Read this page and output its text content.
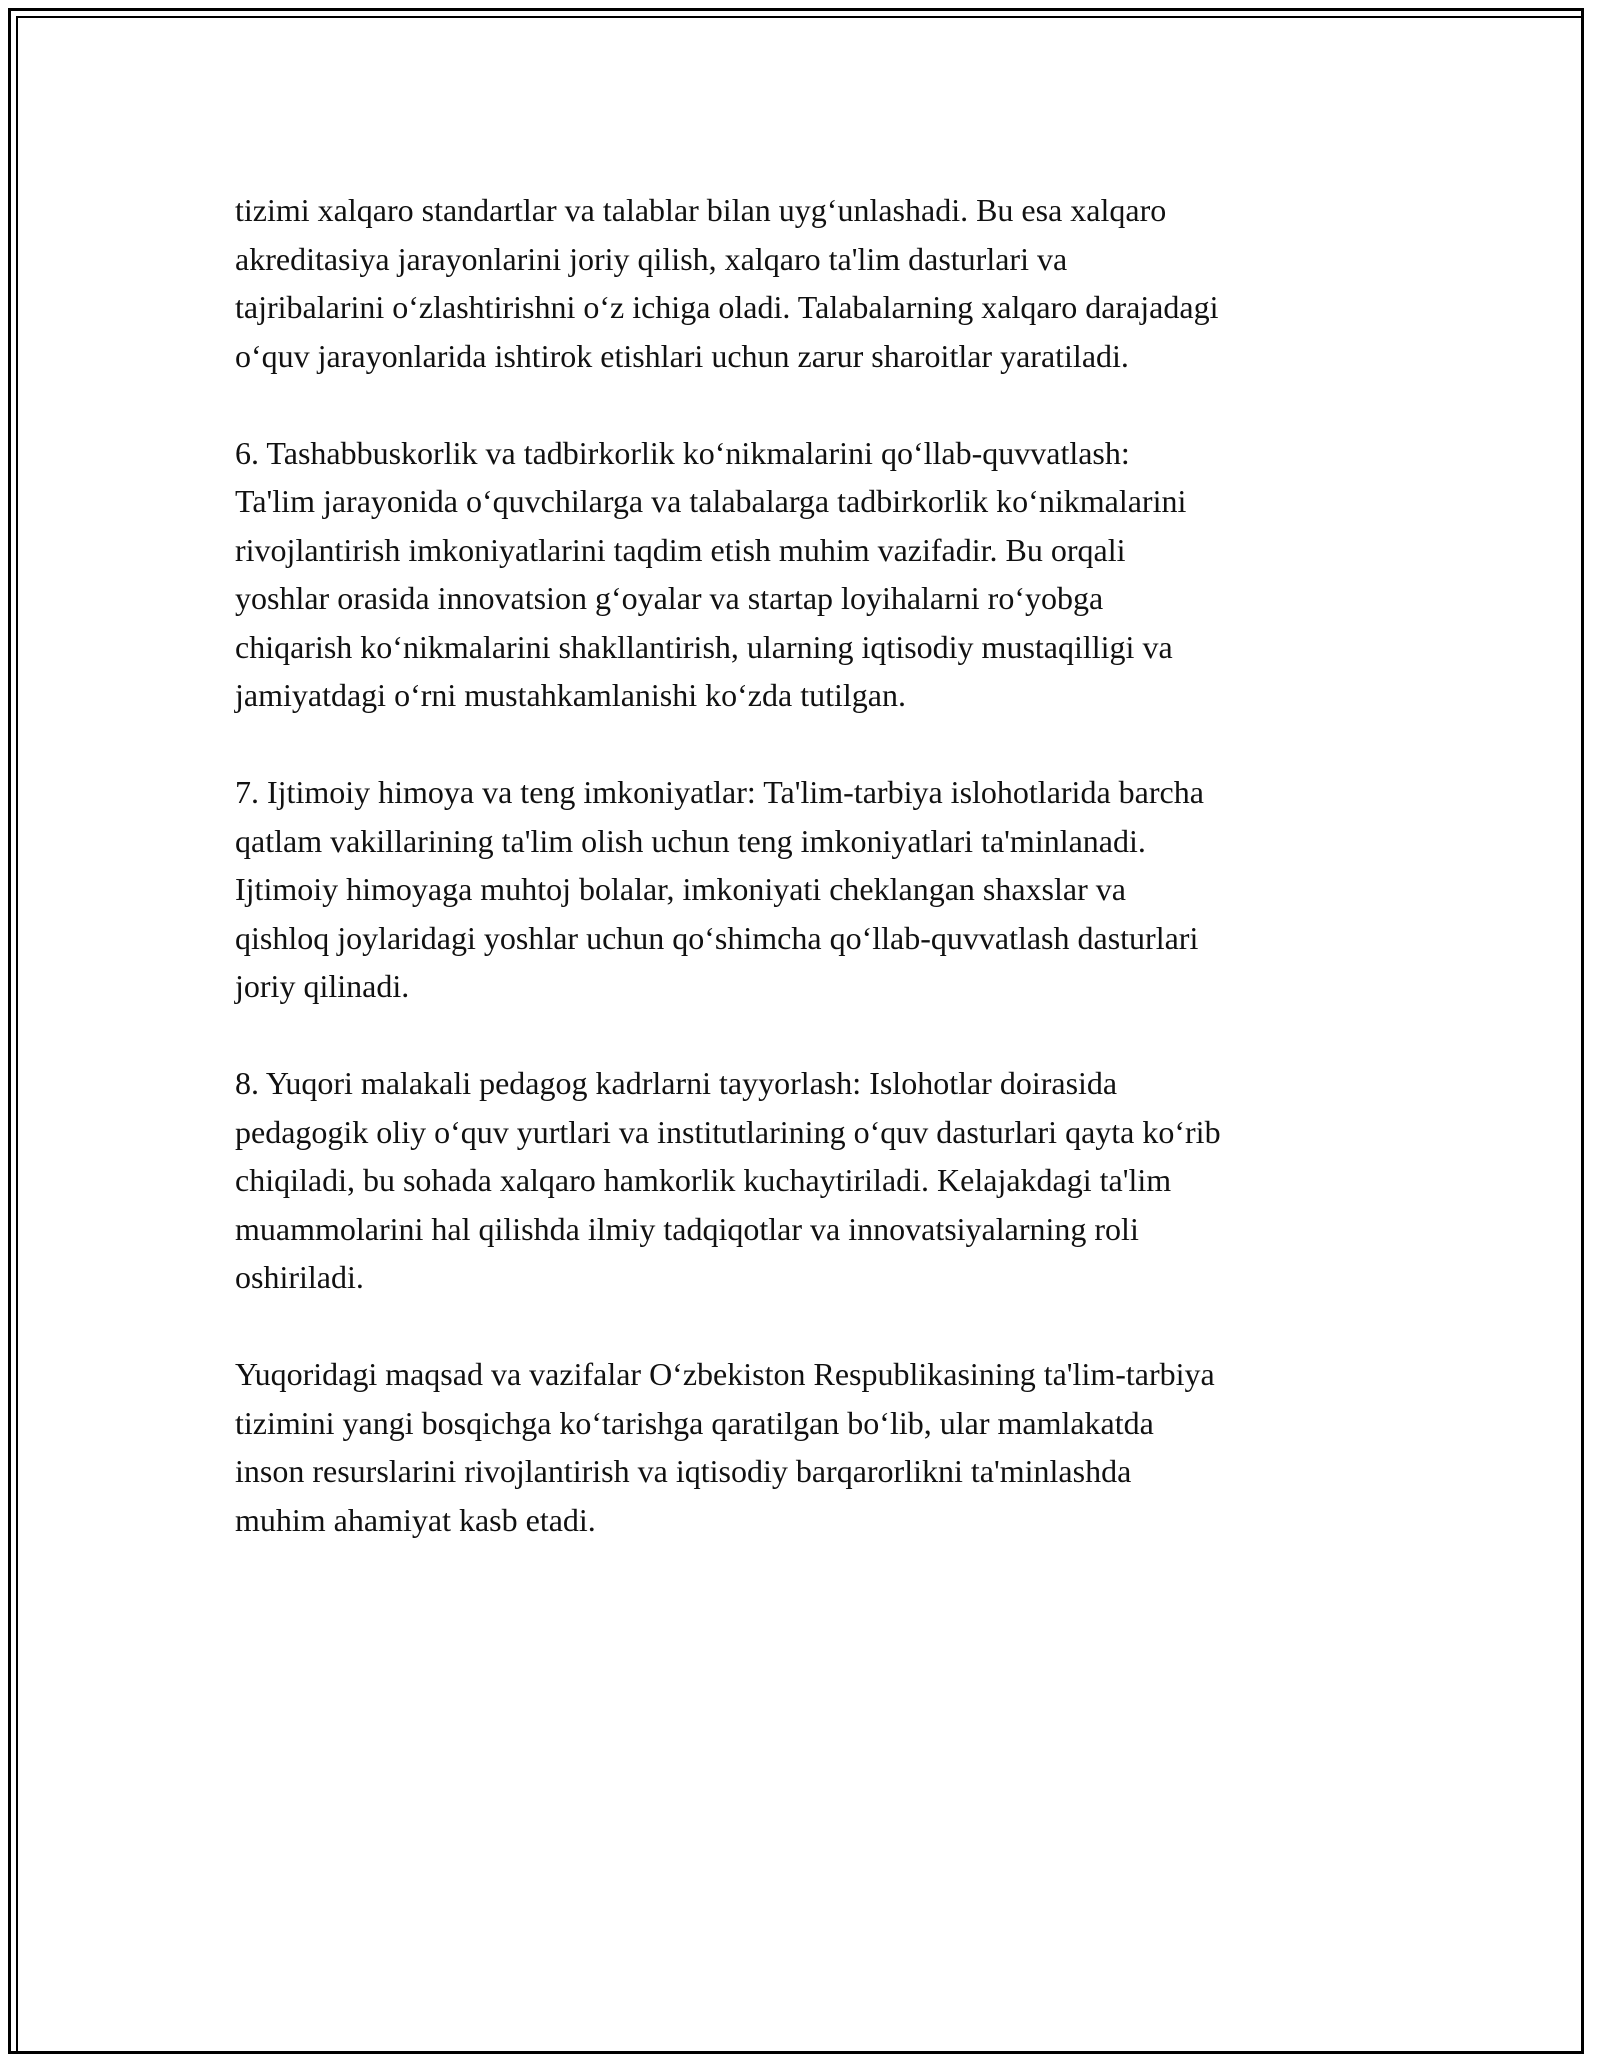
tizimi xalqaro standartlar va talablar bilan uyg‘unlashadi. Bu esa xalqaro
akreditasiya jarayonlarini joriy qilish, xalqaro ta'lim dasturlari va
tajribalarini o‘zlashtirishni o‘z ichiga oladi. Talabalarning xalqaro darajadagi
o‘quv jarayonlarida ishtirok etishlari uchun zarur sharoitlar yaratiladi.

6. Tashabbuskorlik va tadbirkorlik ko‘nikmalarini qo‘llab-quvvatlash:
Ta'lim jarayonida o‘quvchilarga va talabalarga tadbirkorlik ko‘nikmalarini
rivojlantirish imkoniyatlarini taqdim etish muhim vazifadir. Bu orqali
yoshlar orasida innovatsion g‘oyalar va startap loyihalarni ro‘yobga
chiqarish ko‘nikmalarini shakllantirish, ularning iqtisodiy mustaqilligi va
jamiyatdagi o‘rni mustahkamlanishi ko‘zda tutilgan.

7. Ijtimoiy himoya va teng imkoniyatlar: Ta'lim-tarbiya islohotlarida barcha
qatlam vakillarining ta'lim olish uchun teng imkoniyatlari ta'minlanadi.
Ijtimoiy himoyaga muhtoj bolalar, imkoniyati cheklangan shaxslar va
qishloq joylaridagi yoshlar uchun qo‘shimcha qo‘llab-quvvatlash dasturlari
joriy qilinadi.

8. Yuqori malakali pedagog kadrlarni tayyorlash: Islohotlar doirasida
pedagogik oliy o‘quv yurtlari va institutlarining o‘quv dasturlari qayta ko‘rib
chiqiladi, bu sohada xalqaro hamkorlik kuchaytiriladi. Kelajakdagi ta'lim
muammolarini hal qilishda ilmiy tadqiqotlar va innovatsiyalarning roli
oshiriladi.

Yuqoridagi maqsad va vazifalar O‘zbekiston Respublikasining ta'lim-tarbiya
tizimini yangi bosqichga ko‘tarishga qaratilgan bo‘lib, ular mamlakatda
inson resurslarini rivojlantirish va iqtisodiy barqarorlikni ta'minlashda
muhim ahamiyat kasb etadi.
